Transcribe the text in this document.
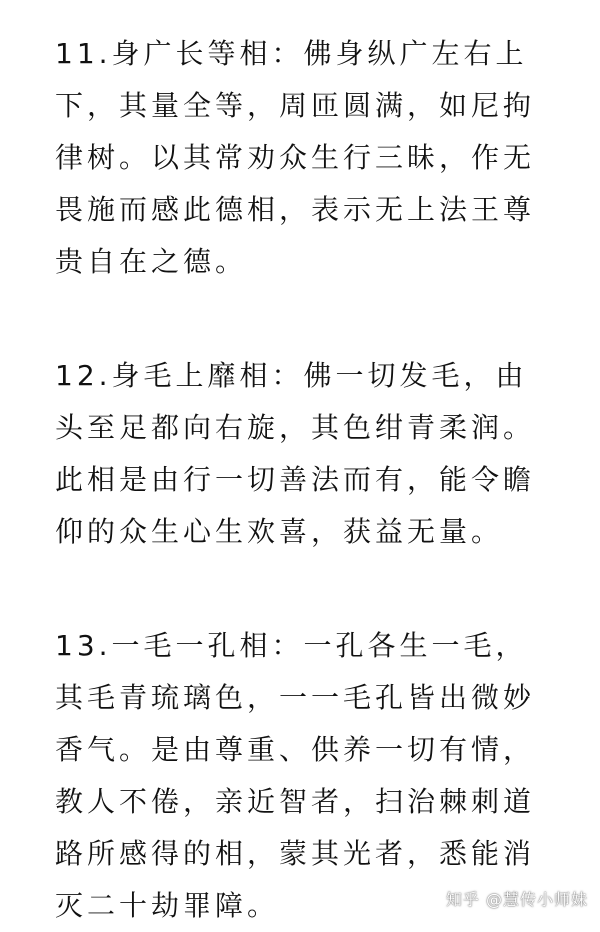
11.身广长等相：佛身纵广左右上下，其量全等，周匝圆满，如尼拘律树。以其常劝众生行三昧，作无畏施而感此德相，表示无上法王尊贵自在之德。

12.身毛上靡相：佛一切发毛，由头至足都向右旋，其色绀青柔润。此相是由行一切善法而有，能令瞻仰的众生心生欢喜，获益无量。

13.一毛一孔相：一孔各生一毛，其毛青琉璃色，一一毛孔皆出微妙香气。是由尊重、供养一切有情，教人不倦，亲近智者，扫治棘刺道路所感得的相，蒙其光者，悉能消灭二十劫罪障。	知乎 @慧传小师妹
